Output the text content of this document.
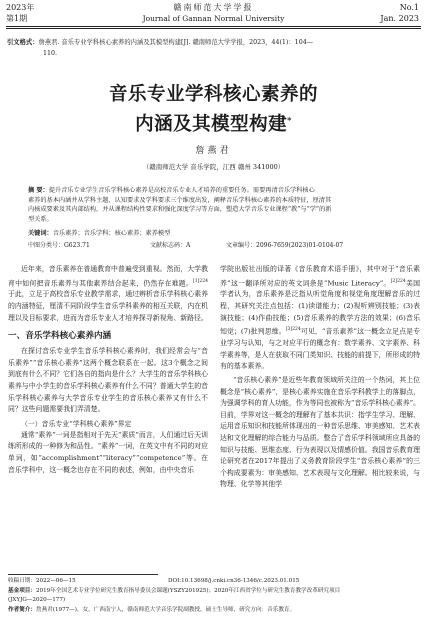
2023年
第1期
赣南师范大学学报
Journal of Gannan Normal University
No.1
Jan. 2023
引文格式：詹燕君. 音乐专业学科核心素养的内涵及其模型构建[J]. 赣南师范大学学报，2023，44(1)：104—
110.
音乐专业学科核心素养的
内涵及其模型构建*
詹燕君
（赣南师范大学 音乐学院，江西 赣州 341000）
摘 要：提升音乐专业学生音乐学科核心素养是高校音乐专业人才培养的重要任务。需要再清音乐学科核心
素养的基本内涵并从学科主题、认知要求及学科要求三个维度出发，阐释音乐学科核心素养的本质特征，厘清其
内核成要素及其内部结构，并从课程结构性要求和强化深度学习等方面，塑造大学音乐专业课程“教”与“学”的新
型关系。
关键词：音乐素养；音乐学科；核心素养；素养模型
中图分类号：G623.71	文献标志码：A	文章编号：2096-7659(2023)01-0104-07

近年来，音乐素养在普通教育中普遍受到重视。然而，大学教育中如何把音乐素养与其他素养结合起来，仍然存在难题。$^{[1]224}$于此，立足于高校音乐专业教学需求，通过辨析音乐学科核心素养的内涵特征，厘清不同阶段学生音乐学科素养的相互关联，内在机理以及目标要求，进而为音乐专业人才培养探寻新视角、新路径。

一、音乐学科核心素养内涵

在探讨音乐专业学生音乐学科核心素养时，我们经常会与“音乐素养”“音乐核心素养”这两个概念联系在一起。这3个概念之间到底有什么不同？它们各自的指向是什么？大学生的音乐学科核心素养与中小学生的音乐学科核心素养有什么不同？普通大学生的音乐学科核心素养与大学音乐专业学生的音乐核心素养又有什么不同？这些问题需要我们弄清楚。

（一）音乐专业“学科核心素养”界定

通常“素养”一词是指相对于先天“素质”而言，人们通过后天训练所形成的一种修为和品性。“素养”一词，在英文中有不同的对应单词，如“accomplishment”“literacy”“competence”等。在音乐学科中，这一概念也存在不同的表述，例如，由中央音乐

学院出版社出版的译著《音乐教育术语手册》，其中对于“音乐素养”这一翻译所对应的英文词条是“Music Literacy”。$^{[2]224}$美国学者认为，音乐素养是泛指从听觉角度和视觉角度理解音乐的过程，其研究关注点包括：(1)读谱能力；(2)视听辨别技能；(3)表演技能；(4)作曲技能；(5)音乐素养的教学方法的效果；(6)音乐知觉；(7)批判思维。$^{[3]224}$可见，“音乐素养”这一概念立足点是专业学习与认知，与之对应平行的概念有：数学素养、文字素养、科学素养等，是人在获取不同门类知识、技能的前提下，所形成的特有的基本素养。

“音乐核心素养”是近些年教育领域所关注的一个热词，其上位概念是“核心素养”，是核心素养实施在音乐学科教学上的落脚点，为强调学科的育人功能，作为等同也被称为“音乐学科核心素养”。目前，学界对这一概念的理解有了基本共识：指学生学习、理解、运用音乐知识和技能所体现出的一种音乐思维、审美感知、艺术表达和文化理解的综合能力与品质。整合了音乐学科领域所应具备的知识与技能、思维态度、行为表现以及情感价值。我国音乐教育理论研究者在2017年提出了义务教育阶段学生“音乐核心素养”的三个构成要素为：审美感知、艺术表现与文化理解。相比较来说，与物理、化学等其他学

收稿日期：2022—06—15	DOI:10.13698/j.cnki.cn36-1346/c.2023.01.015
基金项目：2019年全国艺术专业学位研究生教育指导委员会课题(YSZY201925)；2020年江西省学位与研究生教育教学改革研究项目
(JXYJG—2020—177)
作者简介：詹燕君(1977—)，女，广西南宁人，赣南师范大学音乐学院副教授，硕士生导师，研究方向：音乐教育。
